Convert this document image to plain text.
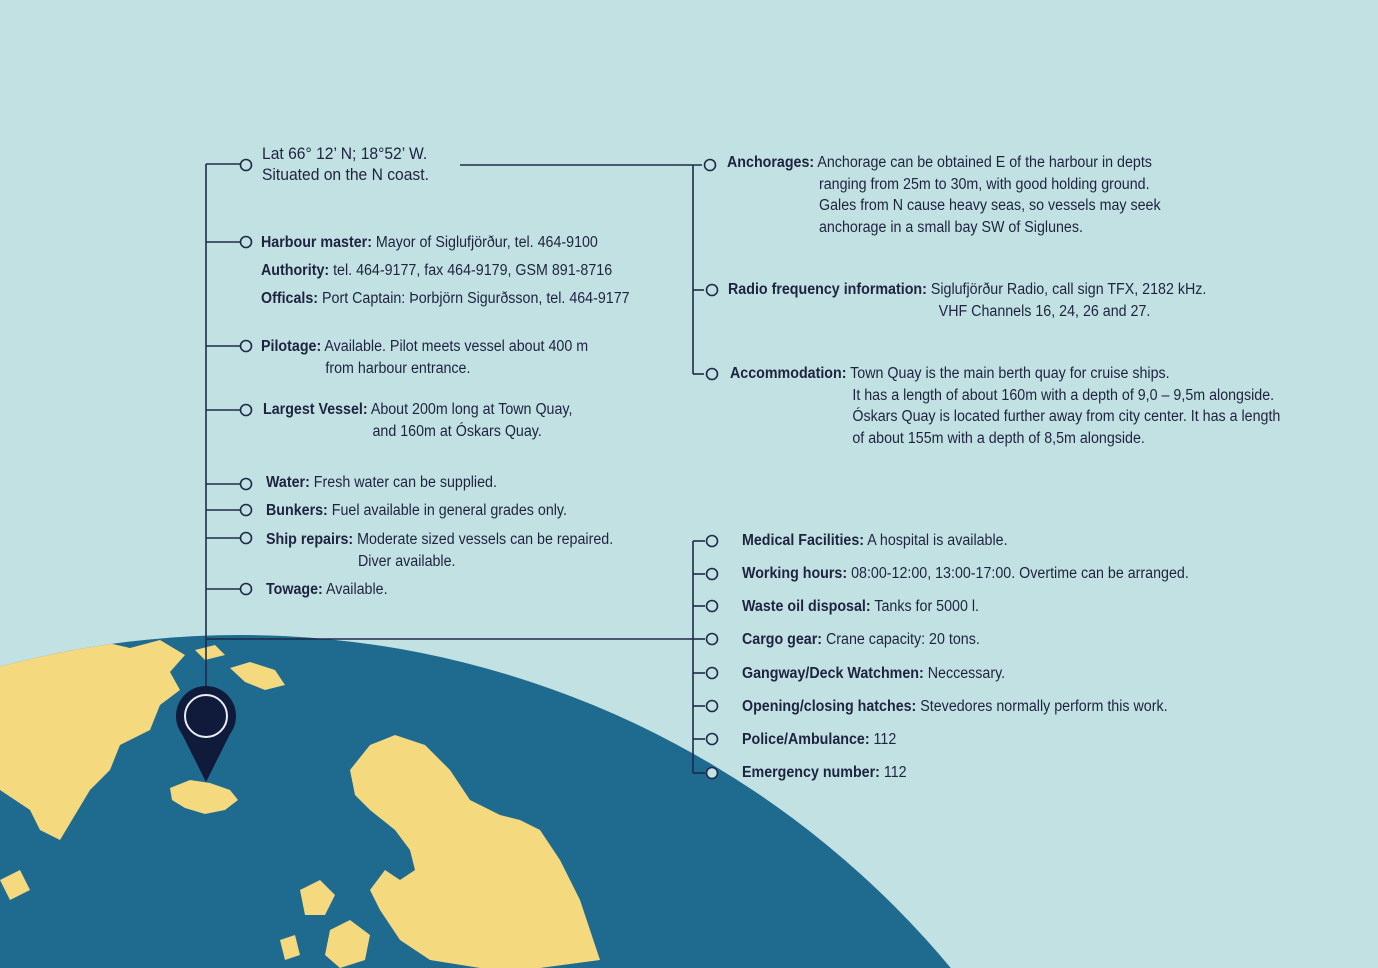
Lat 66° 12’ N; 18°52’ W.
Situated on the N coast.
Harbour master: Mayor of Siglufjörður, tel. 464-9100
Authority: tel. 464-9177, fax 464-9179, GSM 891-8716
Officals: Port Captain: Þorbjörn Sigurðsson, tel. 464-9177
Pilotage: Available. Pilot meets vessel about 400 m
from harbour entrance.
Largest Vessel: About 200m long at Town Quay,
and 160m at Óskars Quay.
Water: Fresh water can be supplied.
Bunkers: Fuel available in general grades only.
Ship repairs: Moderate sized vessels can be repaired.
Diver available.
Towage: Available.
Anchorages: Anchorage can be obtained E of the harbour in depts
ranging from 25m to 30m, with good holding ground.
Gales from N cause heavy seas, so vessels may seek
anchorage in a small bay SW of Siglunes.
Radio frequency information: Siglufjörður Radio, call sign TFX, 2182 kHz.
VHF Channels 16, 24, 26 and 27.
Accommodation: Town Quay is the main berth quay for cruise ships.
It has a length of about 160m with a depth of 9,0 – 9,5m alongside.
Óskars Quay is located further away from city center. It has a length
of about 155m with a depth of 8,5m alongside.
Medical Facilities: A hospital is available.
Working hours: 08:00-12:00, 13:00-17:00. Overtime can be arranged.
Waste oil disposal: Tanks for 5000 l.
Cargo gear: Crane capacity: 20 tons.
Gangway/Deck Watchmen: Neccessary.
Opening/closing hatches: Stevedores normally perform this work.
Police/Ambulance: 112
Emergency number: 112
